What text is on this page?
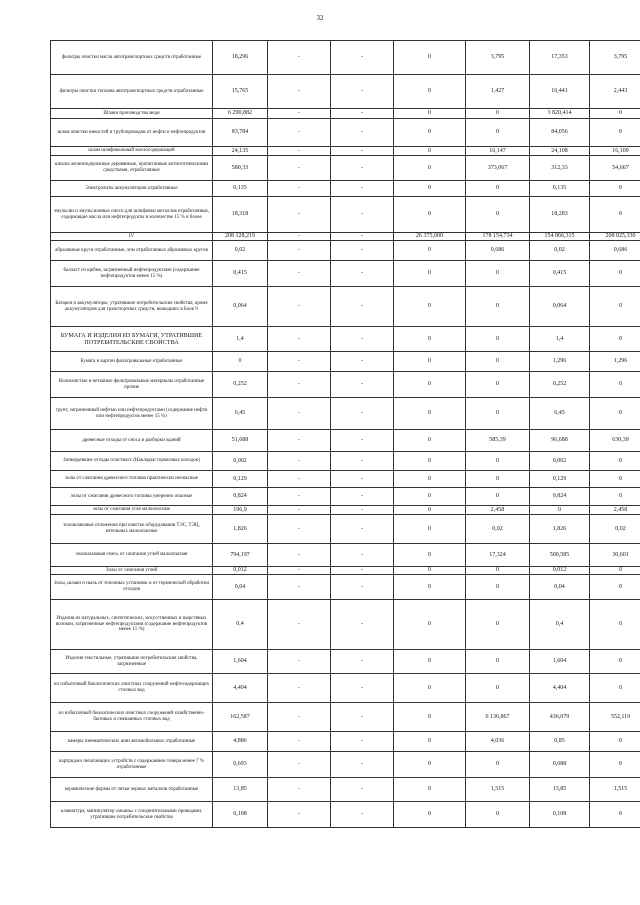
32
фильтры очистки масла автотранспортных средств отработанные	18,296	-	-	0	3,795	17,353	3,795
фильтры очистки топлива автотранспортных средств отработанные	15,765	-	-	0	1,427	16,441	2,443
Шлаки производства меди	6 290,882	-	-	0	0	3 820,414	0
шлам очистки емкостей и трубопроводов от нефти и нефтепродуктов	83,784	-	-	0	0	84,056	0
шлам шлифовальный маслосодержащий	24,135	-	-	0	16,147	24,108	16,109
шпалы железнодорожные деревянные, пропитанные антисептическими средствами, отработанные	580,33	-	-	0	373,067	312,33	54,667
Электролиты аккумуляторов отработанные	0,135	-	-	0	0	0,135	0
эмульсии и эмульсионные смеси для шлифовки металлов отработанные, содержащие масла или нефтепродукты в количестве 15 % и более	18,318	-	-	0	0	18,283	0
IV	208 128,219	-	-	26 375,000	178 154,734	154 866,315	208 025,330
абразивные круги отработанные, лом отработанных абразивных кругов	0,02	-	-	0	0,686	0,02	0,686
балласт из щебня, загрязненный нефтепродуктами (содержание нефтепродуктов менее 15 %)	0,415	-	-	0	0	0,415	0
Батареи и аккумуляторы, утратившие потребительские свойства, кроме аккумуляторов для транспортных средств, вошедших в Блок 9	0,064	-	-	0	0	0,064	0
БУМАГА И ИЗДЕЛИЯ ИЗ БУМАГИ, УТРАТИВШИЕ ПОТРЕБИТЕЛЬСКИЕ СВОЙСТВА	1,4	-	-	0	0	1,4	0
Бумага и картон фильтровальные отработанные	0	-	-	0	0	1,296	1,296
Волокнистые и нетканые фильтровальные материалы отработанные прочие	0,252	-	-	0	0	0,252	0
грунт, загрязненный нефтью или нефтепродуктами (содержание нефти или нефтепродуктов менее 15 %)	6,45	-	-	0	0	6,45	0
древесные отходы от сноса и разборки зданий	51,688	-	-	0	585,39	96,688	630,39
Затвердевшие отходы пластмасс (Накладки тормозных колодок)	0,002	-	-	0	0	0,002	0
золы от сжигания древесного топлива практически неопасные	0,129	-	-	0	0	0,129	0
золы от сжигания древесного топлива умеренно опасные	0,824	-	-	0	0	0,824	0
золы от сжигания угля малоопасные	196,9	-	-	0	2,458	0	2,458
золошлаковые отложения при очистке оборудования ТЭС, ТЭЦ, котельных малоопасные	1,826	-	-	0	0,02	1,826	0,02
золошлаковая смесь от сжигания углей малоопасная	794,197	-	-	0	17,324	500,585	30,601
Золы от сжигания углей	0,012	-	-	0	0	0,012	0
Золы, шлаки и пыль от топочных установок и от термической обработки отходов	0,04	-	-	0	0	0,04	0
Изделия из натуральных, синтетических, искусственных и шерстяных волокон, загрязненные нефтепродуктами (содержание нефтепродуктов менее 15 %)	0,4	-	-	0	0	0,4	0
Изделия текстильные, утратившие потребительские свойства, загрязненные	1,604	-	-	0	0	1,604	0
ил избыточный биологических очистных сооружений нефтесодержащих сточных вод	4,404	-	-	0	0	4,404	0
ил избыточный биологических очистных сооружений хозяйственно-бытовых и смешанных сточных вод	162,587	-	-	0	6 136,867	436,079	552,119
камеры пневматических шин автомобильных отработанные	4,886	-	-	0	4,036	0,85	0
картриджи печатающих устройств с содержанием тонера менее 7 % отработанные	0,693	-	-	0	0	0,688	0
керамические формы от литья черных металлов отработанные	13,85	-	-	0	1,515	13,85	1,515
клавиатура, манипулятор «мышь» с соединительными проводами, утратившие потребительские свойства	0,108	-	-	0	0	0,108	0
